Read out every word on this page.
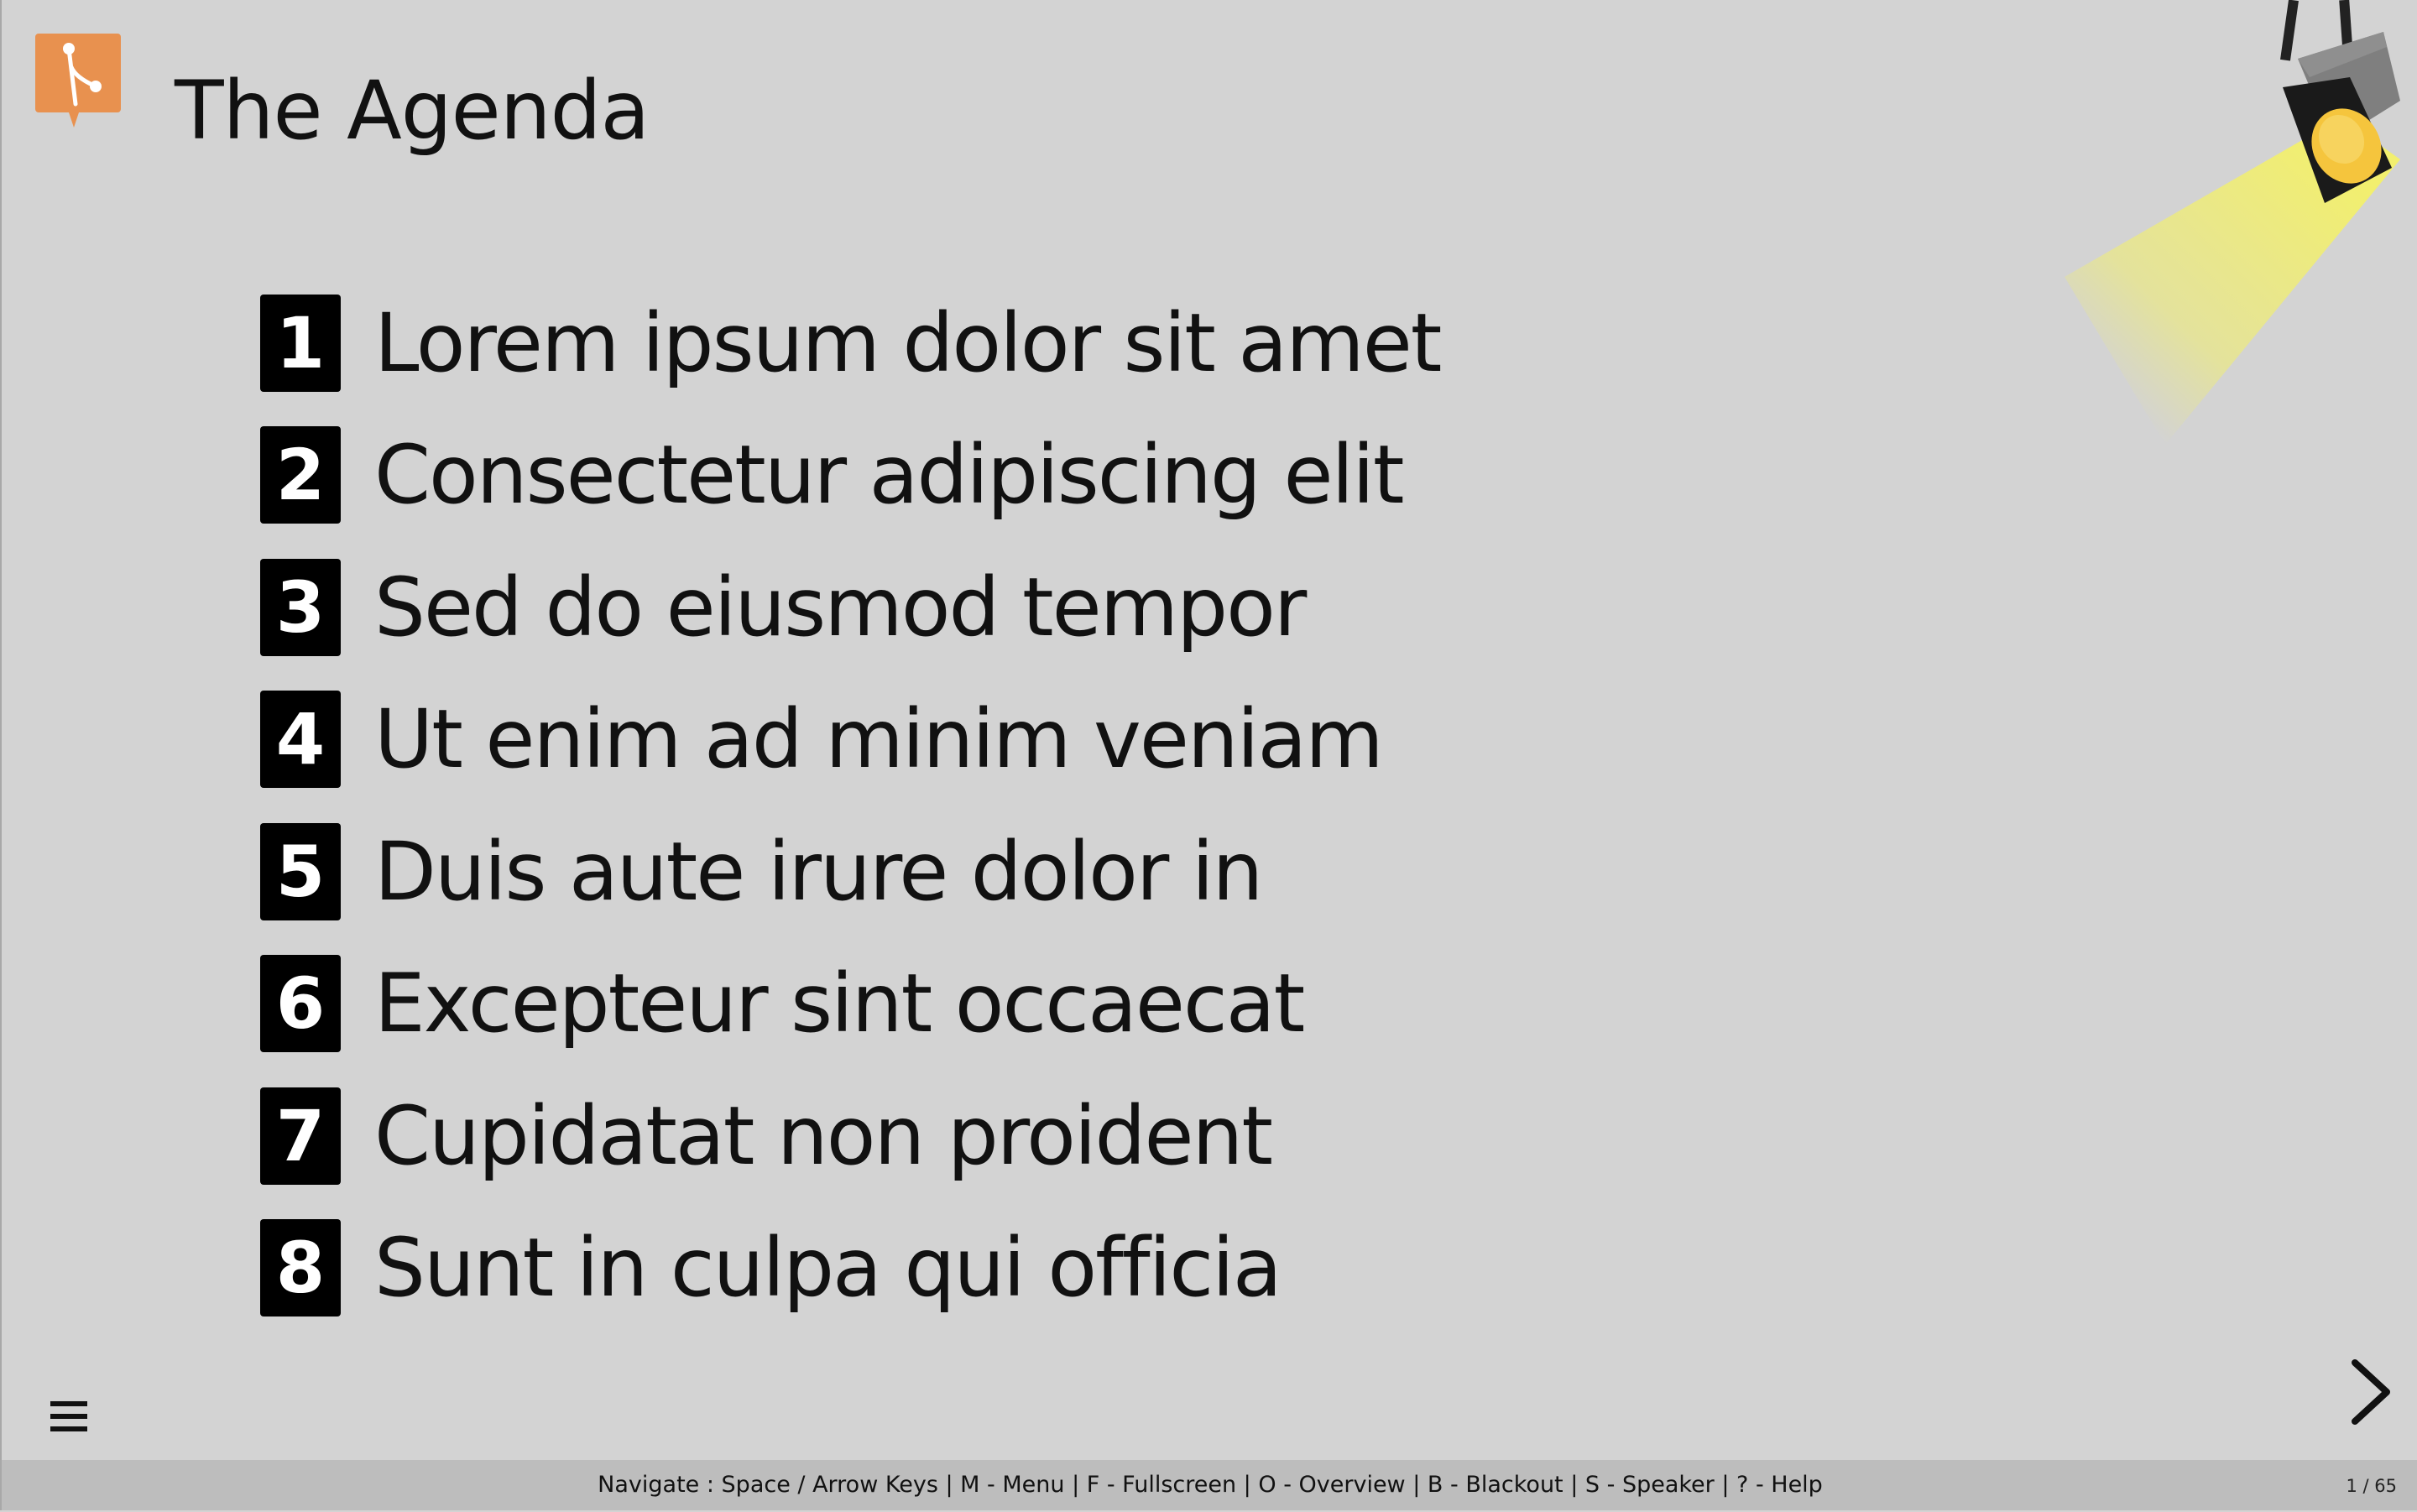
The Agenda
1 Lorem ipsum dolor sit amet
2 Consectetur adipiscing elit
3 Sed do eiusmod tempor
4 Ut enim ad minim veniam
5 Duis aute irure dolor in
6 Excepteur sint occaecat
7 Cupidatat non proident
8 Sunt in culpa qui officia
Navigate : Space / Arrow Keys | M - Menu | F - Fullscreen | O - Overview | B - Blackout | S - Speaker | ? - Help	1 / 65
